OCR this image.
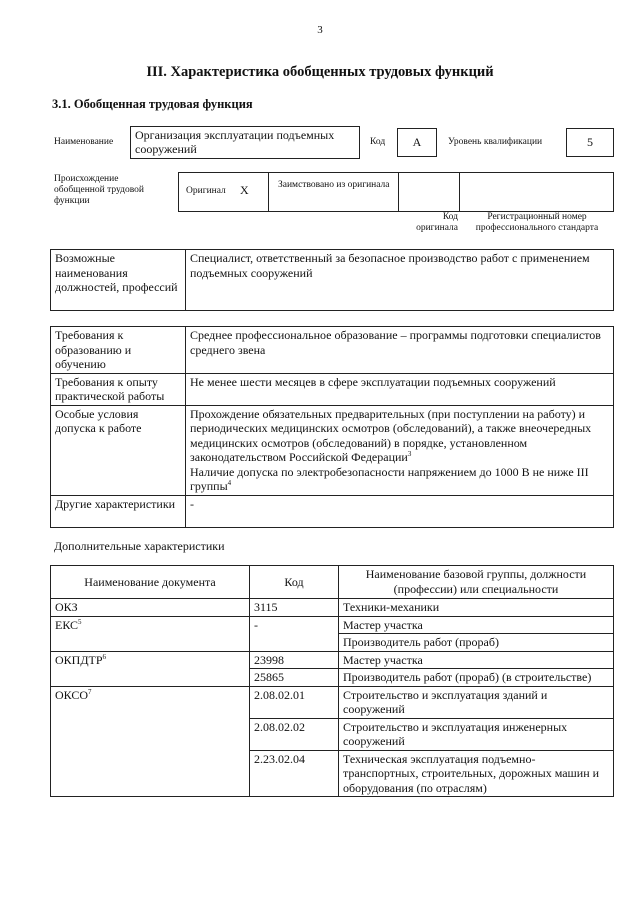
3
III. Характеристика обобщенных трудовых функций
3.1. Обобщенная трудовая функция
Наименование	Организация эксплуатации подъемных сооружений	Код	А	Уровень квалификации	5
Происхождение обобщенной трудовой функции
Оригинал Х	Заимствовано из оригинала
Код оригинала
Регистрационный номер профессионального стандарта
Возможные наименования должностей, профессий	Специалист, ответственный за безопасное производство работ с применением подъемных сооружений
Требования к образованию и обучению	Среднее профессиональное образование – программы подготовки специалистов среднего звена
Требования к опыту практической работы	Не менее шести месяцев в сфере эксплуатации подъемных сооружений
Особые условия допуска к работе	Прохождение обязательных предварительных (при поступлении на работу) и периодических медицинских осмотров (обследований), а также внеочередных медицинских осмотров (обследований) в порядке, установленном законодательством Российской Федерации$^3$
Наличие допуска по электробезопасности напряжением до 1000 В не ниже III группы$^4$
Другие характеристики	-
Дополнительные характеристики
Наименование документа	Код	Наименование базовой группы, должности (профессии) или специальности
ОКЗ	3115	Техники-механики
ЕКС$^5$	-	Мастер участка
		Производитель работ (прораб)
ОКПДТР$^6$	23998	Мастер участка
	25865	Производитель работ (прораб) (в строительстве)
ОКСО$^7$	2.08.02.01	Строительство и эксплуатация зданий и сооружений
	2.08.02.02	Строительство и эксплуатация инженерных сооружений
	2.23.02.04	Техническая эксплуатация подъемно-транспортных, строительных, дорожных машин и оборудования (по отраслям)
